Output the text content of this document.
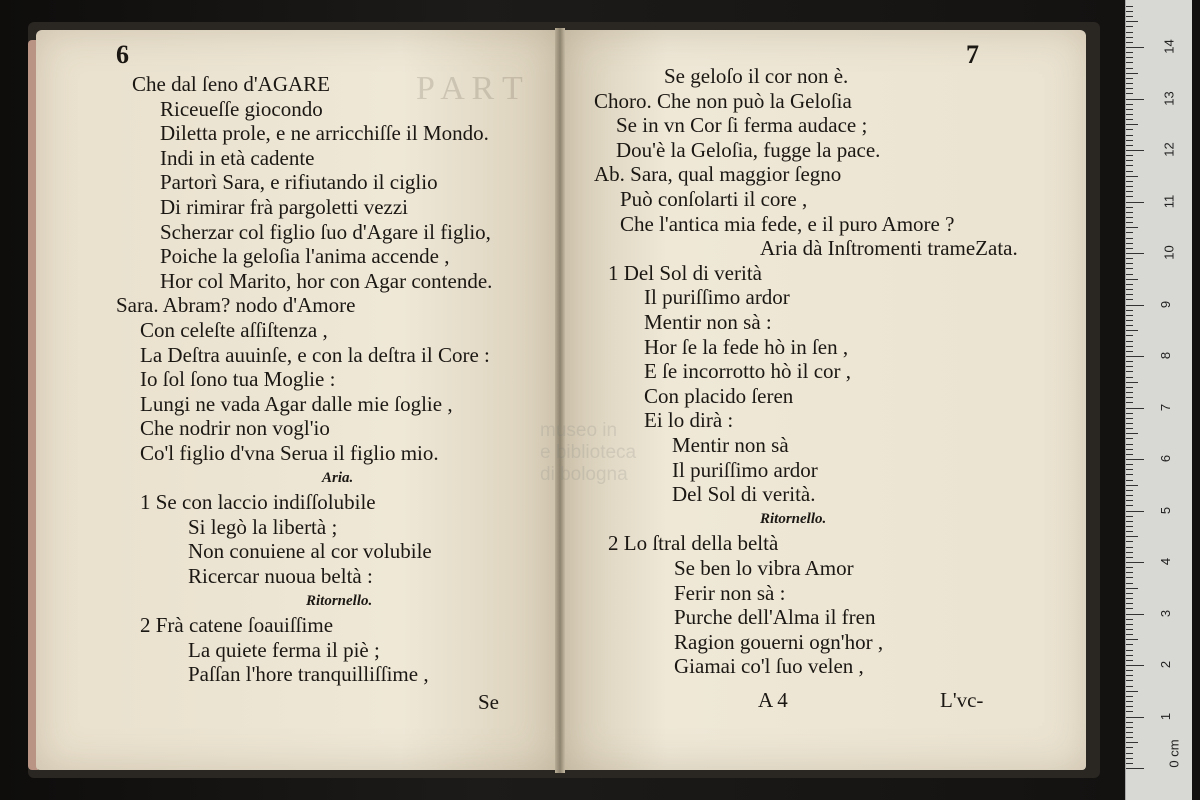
P A R T
museo in
e biblioteca
di bologna
6
Che dal ſeno d'AGARE
Riceueſſe giocondo
Diletta prole, e ne arricchiſſe il Mondo.
Indi in età cadente
Partorì Sara, e rifiutando il ciglio
Di rimirar frà pargoletti vezzi
Scherzar col figlio ſuo d'Agare il figlio,
Poiche la geloſia l'anima accende ,
Hor col Marito, hor con Agar contende.
Sara. Abram? nodo d'Amore
Con celeſte aſſiſtenza ,
La Deſtra auuinſe, e con la deſtra il Core :
Io ſol ſono tua Moglie :
Lungi ne vada Agar dalle mie ſoglie ,
Che nodrir non vogl'io
Co'l figlio d'vna Serua il figlio mio.
Aria.
1 Se con laccio indiſſolubile
Si legò la libertà ;
Non conuiene al cor volubile
Ricercar nuoua beltà :
Ritornello.
2 Frà catene ſoauiſſime
La quiete ferma il piè ;
Paſſan l'hore tranquilliſſime ,
Se
7
Se geloſo il cor non è.
Choro. Che non può la Geloſia
Se in vn Cor ſi ferma audace ;
Dou'è la Geloſia, fugge la pace.
Ab. Sara, qual maggior ſegno
Può conſolarti il core ,
Che l'antica mia fede, e il puro Amore ?
Aria dà Inſtromenti trameZata.
1 Del Sol di verità
Il puriſſimo ardor
Mentir non sà :
Hor ſe la fede hò in ſen ,
E ſe incorrotto hò il cor ,
Con placido ſeren
Ei lo dirà :
Mentir non sà
Il puriſſimo ardor
Del Sol di verità.
Ritornello.
2 Lo ſtral della beltà
Se ben lo vibra Amor
Ferir non sà :
Purche dell'Alma il fren
Ragion gouerni ogn'hor ,
Giamai co'l ſuo velen ,
A 4	L'vc-
0 cm
1
2
3
4
5
6
7
8
9
10
11
12
13
14
